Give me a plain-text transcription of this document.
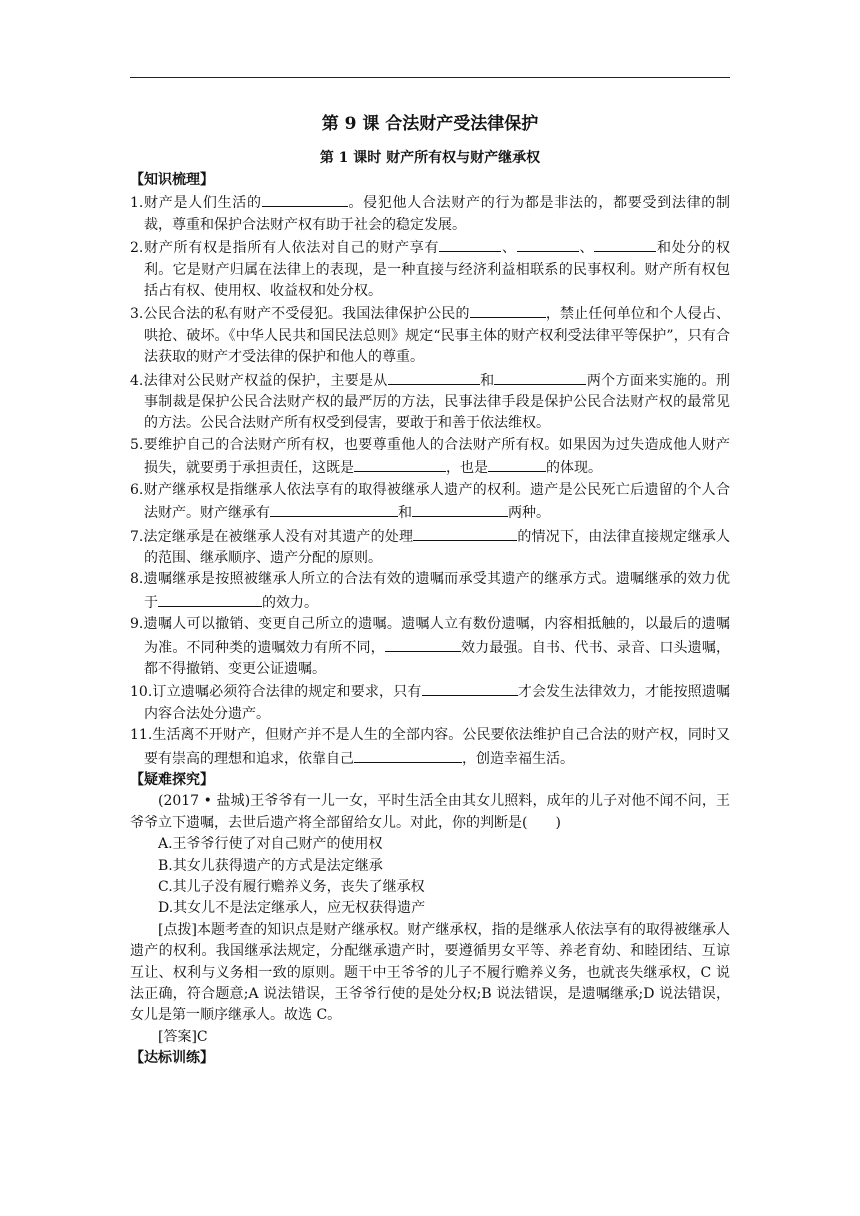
第 9 课 合法财产受法律保护
第 1 课时 财产所有权与财产继承权
【知识梳理】

1.财产是人们生活的	。侵犯他人合法财产的行为都是非法的，都要受到法律的制裁，尊重和保护合法财产权有助于社会的稳定发展。

2.财产所有权是指所有人依法对自己的财产享有	、	、	和处分的权利。它是财产归属在法律上的表现，是一种直接与经济利益相联系的民事权利。财产所有权包括占有权、使用权、收益权和处分权。

3.公民合法的私有财产不受侵犯。我国法律保护公民的	，禁止任何单位和个人侵占、哄抢、破坏。《中华人民共和国民法总则》规定“民事主体的财产权利受法律平等保护”，只有合法获取的财产才受法律的保护和他人的尊重。

4.法律对公民财产权益的保护，主要是从	和	两个方面来实施的。刑事制裁是保护公民合法财产权的最严厉的方法，民事法律手段是保护公民合法财产权的最常见的方法。公民合法财产所有权受到侵害，要敢于和善于依法维权。

5.要维护自己的合法财产所有权，也要尊重他人的合法财产所有权。如果因为过失造成他人财产损失，就要勇于承担责任，这既是	，也是	的体现。

6.财产继承权是指继承人依法享有的取得被继承人遗产的权利。遗产是公民死亡后遗留的个人合法财产。财产继承有	和	两种。

7.法定继承是在被继承人没有对其遗产的处理	的情况下，由法律直接规定继承人的范围、继承顺序、遗产分配的原则。

8.遗嘱继承是按照被继承人所立的合法有效的遗嘱而承受其遗产的继承方式。遗嘱继承的效力优于	的效力。

9.遗嘱人可以撤销、变更自己所立的遗嘱。遗嘱人立有数份遗嘱，内容相抵触的，以最后的遗嘱为准。不同种类的遗嘱效力有所不同，	效力最强。自书、代书、录音、口头遗嘱，都不得撤销、变更公证遗嘱。

10.订立遗嘱必须符合法律的规定和要求，只有	才会发生法律效力，才能按照遗嘱内容合法处分遗产。

11.生活离不开财产，但财产并不是人生的全部内容。公民要依法维护自己合法的财产权，同时又要有崇高的理想和追求，依靠自己	，创造幸福生活。

【疑难探究】

(2017 • 盐城)王爷爷有一儿一女，平时生活全由其女儿照料，成年的儿子对他不闻不问，王爷爷立下遗嘱，去世后遗产将全部留给女儿。对此，你的判断是(　　)

A.王爷爷行使了对自己财产的使用权

B.其女儿获得遗产的方式是法定继承

C.其儿子没有履行赡养义务，丧失了继承权

D.其女儿不是法定继承人，应无权获得遗产

[点拨]本题考查的知识点是财产继承权。财产继承权，指的是继承人依法享有的取得被继承人遗产的权利。我国继承法规定，分配继承遗产时，要遵循男女平等、养老育幼、和睦团结、互谅互让、权利与义务相一致的原则。题干中王爷爷的儿子不履行赡养义务，也就丧失继承权，C 说法正确，符合题意;A 说法错误，王爷爷行使的是处分权;B 说法错误，是遗嘱继承;D 说法错误，女儿是第一顺序继承人。故选 C。

[答案]C

【达标训练】
